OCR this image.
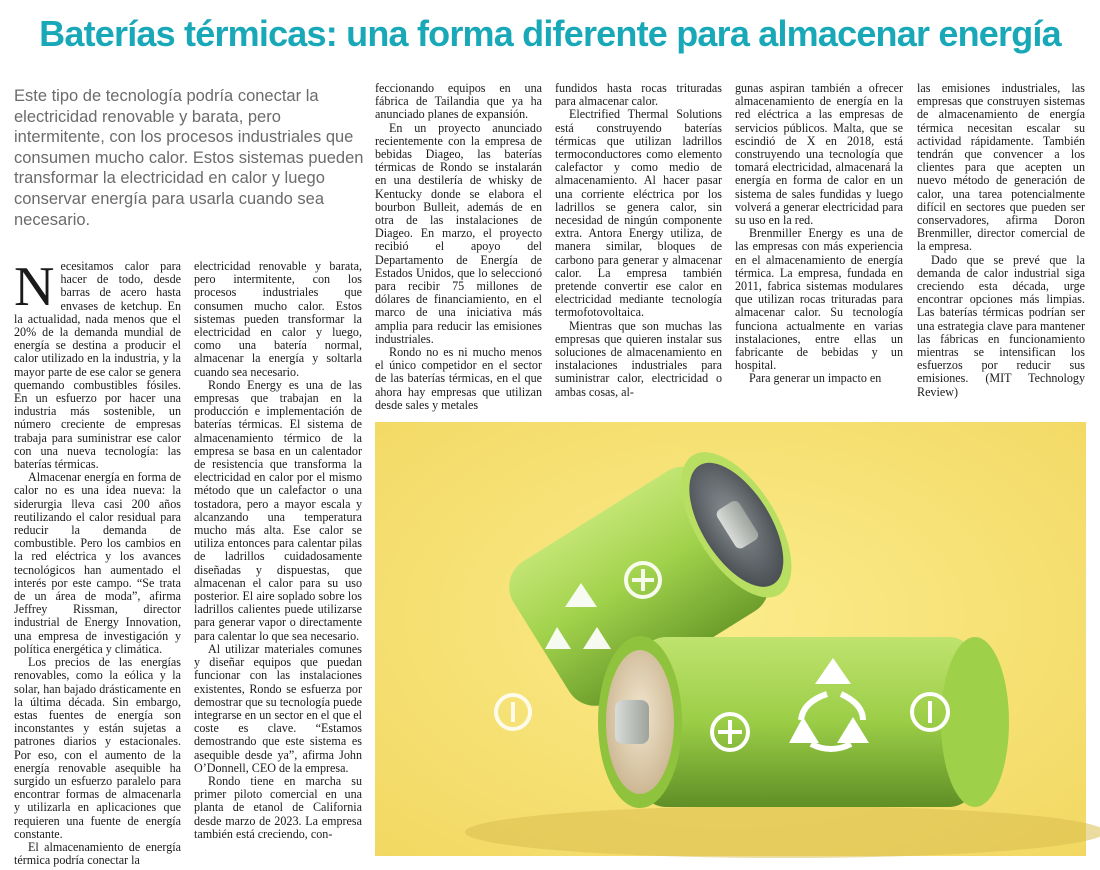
Baterías térmicas: una forma diferente para almacenar energía
Este tipo de tecnología podría conectar la electricidad renovable y barata, pero intermitente, con los procesos industriales que consumen mucho calor. Estos sistemas pueden transformar la electricidad en calor y luego conservar energía para usarla cuando sea necesario.

Necesitamos calor para hacer de todo, desde barras de acero hasta envases de ketchup. En la actualidad, nada menos que el 20% de la demanda mundial de energía se destina a producir el calor utilizado en la industria, y la mayor parte de ese calor se genera quemando combustibles fósiles. En un esfuerzo por hacer una industria más sostenible, un número creciente de empresas trabaja para suministrar ese calor con una nueva tecnología: las baterías térmicas.

Almacenar energía en forma de calor no es una idea nueva: la siderurgia lleva casi 200 años reutilizando el calor residual para reducir la demanda de combustible. Pero los cambios en la red eléctrica y los avances tecnológicos han aumentado el interés por este campo. “Se trata de un área de moda”, afirma Jeffrey Rissman, director industrial de Energy Innovation, una empresa de investigación y política energética y climática.

Los precios de las energías renovables, como la eólica y la solar, han bajado drásticamente en la última década. Sin embargo, estas fuentes de energía son inconstantes y están sujetas a patrones diarios y estacionales. Por eso, con el aumento de la energía renovable asequible ha surgido un esfuerzo paralelo para encontrar formas de almacenarla y utilizarla en aplicaciones que requieren una fuente de energía constante.

El almacenamiento de energía térmica podría conectar la

electricidad renovable y barata, pero intermitente, con los procesos industriales que consumen mucho calor. Estos sistemas pueden transformar la electricidad en calor y luego, como una batería normal, almacenar la energía y soltarla cuando sea necesario.

Rondo Energy es una de las empresas que trabajan en la producción e implementación de baterías térmicas. El sistema de almacenamiento térmico de la empresa se basa en un calentador de resistencia que transforma la electricidad en calor por el mismo método que un calefactor o una tostadora, pero a mayor escala y alcanzando una temperatura mucho más alta. Ese calor se utiliza entonces para calentar pilas de ladrillos cuidadosamente diseñadas y dispuestas, que almacenan el calor para su uso posterior. El aire soplado sobre los ladrillos calientes puede utilizarse para generar vapor o directamente para calentar lo que sea necesario.

Al utilizar materiales comunes y diseñar equipos que puedan funcionar con las instalaciones existentes, Rondo se esfuerza por demostrar que su tecnología puede integrarse en un sector en el que el coste es clave. “Estamos demostrando que este sistema es asequible desde ya”, afirma John O’Donnell, CEO de la empresa.

Rondo tiene en marcha su primer piloto comercial en una planta de etanol de California desde marzo de 2023. La empresa también está creciendo, con-

feccionando equipos en una fábrica de Tailandia que ya ha anunciado planes de expansión.

En un proyecto anunciado recientemente con la empresa de bebidas Diageo, las baterías térmicas de Rondo se instalarán en una destilería de whisky de Kentucky donde se elabora el bourbon Bulleit, además de en otra de las instalaciones de Diageo. En marzo, el proyecto recibió el apoyo del Departamento de Energía de Estados Unidos, que lo seleccionó para recibir 75 millones de dólares de financiamiento, en el marco de una iniciativa más amplia para reducir las emisiones industriales.

Rondo no es ni mucho menos el único competidor en el sector de las baterías térmicas, en el que ahora hay empresas que utilizan desde sales y metales

fundidos hasta rocas trituradas para almacenar calor.

Electrified Thermal Solutions está construyendo baterías térmicas que utilizan ladrillos termoconductores como elemento calefactor y como medio de almacenamiento. Al hacer pasar una corriente eléctrica por los ladrillos se genera calor, sin necesidad de ningún componente extra. Antora Energy utiliza, de manera similar, bloques de carbono para generar y almacenar calor. La empresa también pretende convertir ese calor en electricidad mediante tecnología termofotovoltaica.

Mientras que son muchas las empresas que quieren instalar sus soluciones de almacenamiento en instalaciones industriales para suministrar calor, electricidad o ambas cosas, al-

gunas aspiran también a ofrecer almacenamiento de energía en la red eléctrica a las empresas de servicios públicos. Malta, que se escindió de X en 2018, está construyendo una tecnología que tomará electricidad, almacenará la energía en forma de calor en un sistema de sales fundidas y luego volverá a generar electricidad para su uso en la red.

Brenmiller Energy es una de las empresas con más experiencia en el almacenamiento de energía térmica. La empresa, fundada en 2011, fabrica sistemas modulares que utilizan rocas trituradas para almacenar calor. Su tecnología funciona actualmente en varias instalaciones, entre ellas un fabricante de bebidas y un hospital.

Para generar un impacto en

las emisiones industriales, las empresas que construyen sistemas de almacenamiento de energía térmica necesitan escalar su actividad rápidamente. También tendrán que convencer a los clientes para que acepten un nuevo método de generación de calor, una tarea potencialmente difícil en sectores que pueden ser conservadores, afirma Doron Brenmiller, director comercial de la empresa.

Dado que se prevé que la demanda de calor industrial siga creciendo esta década, urge encontrar opciones más limpias. Las baterías térmicas podrían ser una estrategia clave para mantener las fábricas en funcionamiento mientras se intensifican los esfuerzos por reducir sus emisiones. (MIT Technology Review)
